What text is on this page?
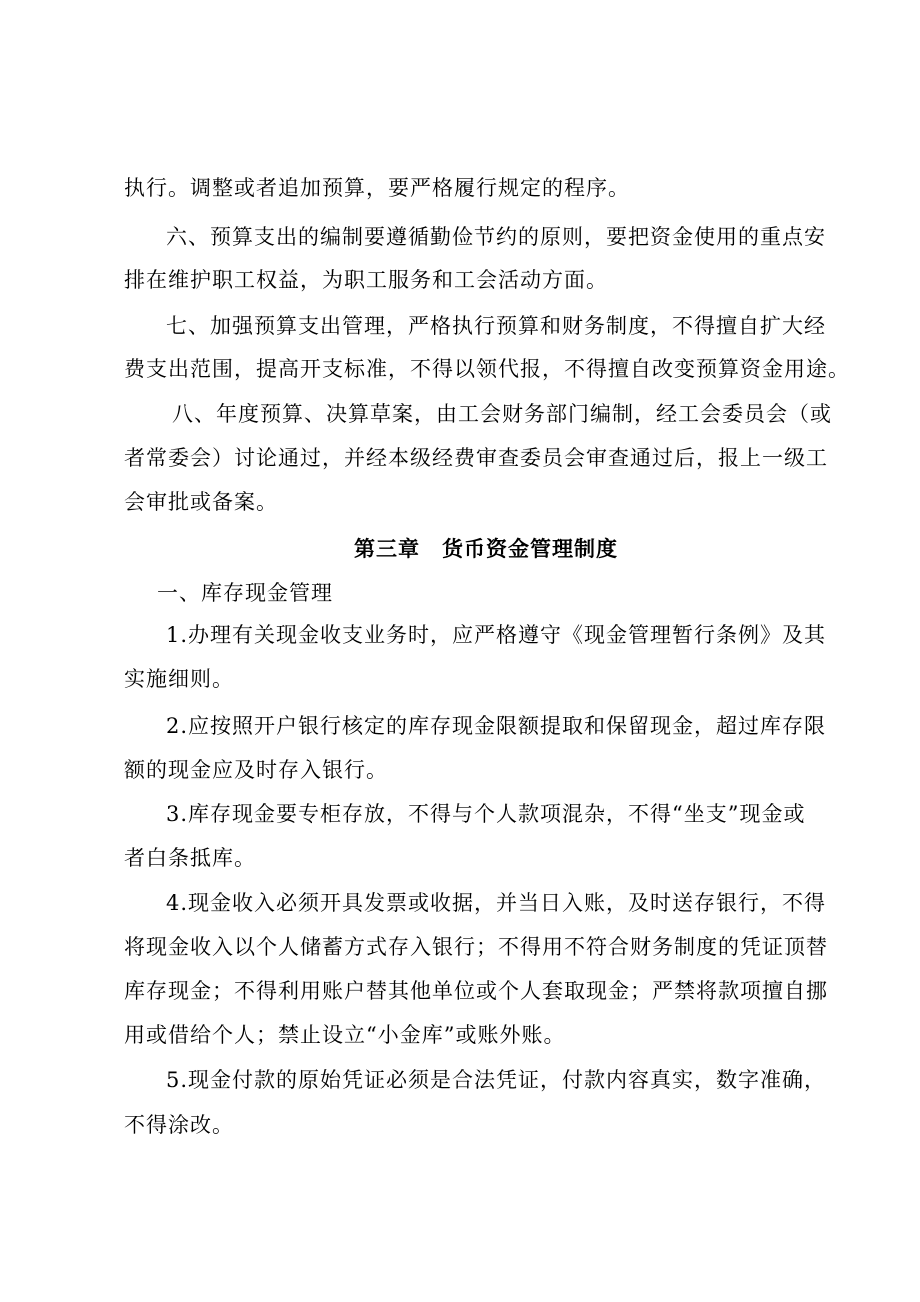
执行。调整或者追加预算，要严格履行规定的程序。
六、预算支出的编制要遵循勤俭节约的原则，要把资金使用的重点安
排在维护职工权益，为职工服务和工会活动方面。
七、加强预算支出管理，严格执行预算和财务制度，不得擅自扩大经
费支出范围，提高开支标准，不得以领代报，不得擅自改变预算资金用途。
八、年度预算、决算草案，由工会财务部门编制，经工会委员会（或
者常委会）讨论通过，并经本级经费审查委员会审查通过后，报上一级工
会审批或备案。
第三章　货币资金管理制度
一、库存现金管理
1.办理有关现金收支业务时，应严格遵守《现金管理暂行条例》及其
实施细则。
2.应按照开户银行核定的库存现金限额提取和保留现金，超过库存限
额的现金应及时存入银行。
3.库存现金要专柜存放，不得与个人款项混杂，不得“坐支”现金或
者白条抵库。
4.现金收入必须开具发票或收据，并当日入账，及时送存银行，不得
将现金收入以个人储蓄方式存入银行；不得用不符合财务制度的凭证顶替
库存现金；不得利用账户替其他单位或个人套取现金；严禁将款项擅自挪
用或借给个人；禁止设立“小金库”或账外账。
5.现金付款的原始凭证必须是合法凭证，付款内容真实，数字准确，
不得涂改。
